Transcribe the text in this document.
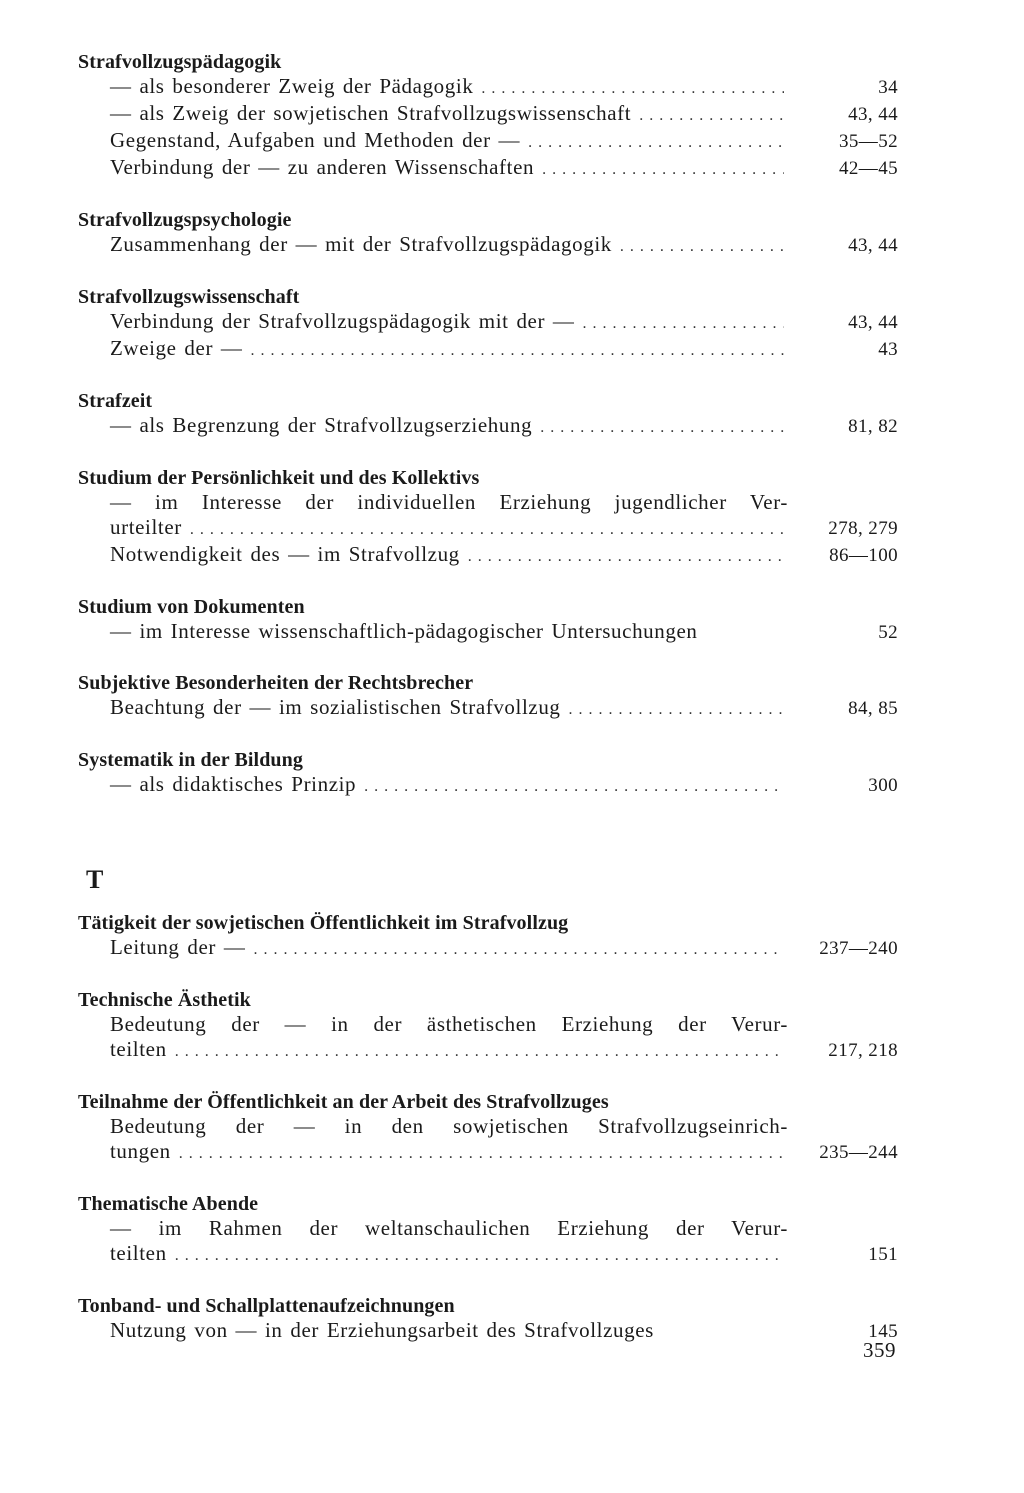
Strafvollzugspädagogik
— als besonderer Zweig der Pädagogik . . .	34
— als Zweig der sowjetischen Strafvollzugswissenschaft . . .	43, 44
Gegenstand, Aufgaben und Methoden der — . . .	35—52
Verbindung der — zu anderen Wissenschaften . . .	42—45
Strafvollzugspsychologie
Zusammenhang der — mit der Strafvollzugspädagogik . . .	43, 44
Strafvollzugswissenschaft
Verbindung der Strafvollzugspädagogik mit der — . . .	43, 44
Zweige der — . . .	43
Strafzeit
— als Begrenzung der Strafvollzugserziehung . . .	81, 82
Studium der Persönlichkeit und des Kollektivs
— im Interesse der individuellen Erziehung jugendlicher Ver-
urteilter . . .	278, 279
Notwendigkeit des — im Strafvollzug . . .	86—100
Studium von Dokumenten
— im Interesse wissenschaftlich-pädagogischer Untersuchungen	52
Subjektive Besonderheiten der Rechtsbrecher
Beachtung der — im sozialistischen Strafvollzug . . .	84, 85
Systematik in der Bildung
— als didaktisches Prinzip . . .	300
T
Tätigkeit der sowjetischen Öffentlichkeit im Strafvollzug
Leitung der — . . .	237—240
Technische Ästhetik
Bedeutung der — in der ästhetischen Erziehung der Verur-
teilten . . .	217, 218
Teilnahme der Öffentlichkeit an der Arbeit des Strafvollzuges
Bedeutung der — in den sowjetischen Strafvollzugseinrich-
tungen . . .	235—244
Thematische Abende
— im Rahmen der weltanschaulichen Erziehung der Verur-
teilten . . .	151
Tonband- und Schallplattenaufzeichnungen
Nutzung von — in der Erziehungsarbeit des Strafvollzuges	145
359
